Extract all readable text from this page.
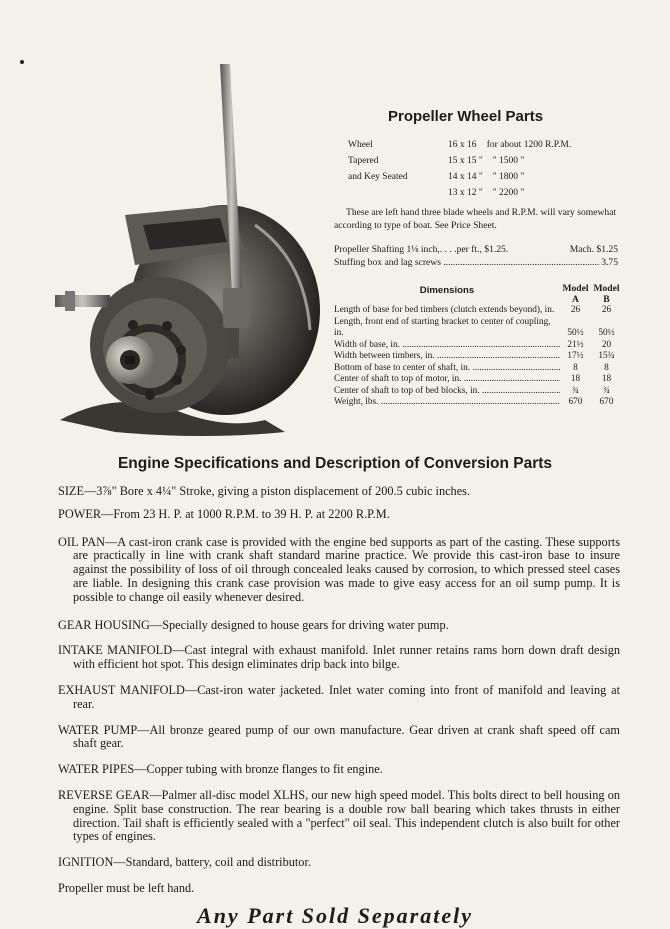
Propeller Wheel Parts
Wheel	16 x 16	for about 1200 R.P.M.
Tapered	15 x 15 "	" 1500 "
and Key Seated	14 x 14 "	" 1800 "
	13 x 12 "	" 2200 "
These are left hand three blade wheels and R.P.M. will vary somewhat according to type of boat. See Price Sheet.
Propeller Shafting 1⅛ inch,. . . .per ft., $1.25.	Mach. $1.25
Stuffing box and lag screws .....	3.75
Dimensions	Model Model
A	B
Length of base for bed timbers (clutch extends beyond), in.	26	26
Length, front end of starting bracket to center of coupling, in.	50½	50½
Width of base, in. .....	21½	20
Width between timbers, in. .....	17½	15¾
Bottom of base to center of shaft, in. .....	8	8
Center of shaft to top of motor, in. .....	18	18
Center of shaft to top of bed blocks, in. .....	¾	¾
Weight, lbs. .....	670	670
Engine Specifications and Description of Conversion Parts

SIZE—3⅞" Bore x 4¼" Stroke, giving a piston displacement of 200.5 cubic inches.

POWER—From 23 H. P. at 1000 R.P.M. to 39 H. P. at 2200 R.P.M.

OIL PAN—A cast-iron crank case is provided with the engine bed supports as part of the casting. These supports are practically in line with crank shaft standard marine practice. We provide this cast-iron base to insure against the possibility of loss of oil through concealed leaks caused by corrosion, to which pressed steel cases are liable. In designing this crank case provision was made to give easy access for an oil sump pump. It is possible to change oil easily whenever desired.

GEAR HOUSING—Specially designed to house gears for driving water pump.

INTAKE MANIFOLD—Cast integral with exhaust manifold. Inlet runner retains rams horn down draft design with efficient hot spot. This design eliminates drip back into bilge.

EXHAUST MANIFOLD—Cast-iron water jacketed. Inlet water coming into front of manifold and leaving at rear.

WATER PUMP—All bronze geared pump of our own manufacture. Gear driven at crank shaft speed off cam shaft gear.

WATER PIPES—Copper tubing with bronze flanges to fit engine.

REVERSE GEAR—Palmer all-disc model XLHS, our new high speed model. This bolts direct to bell housing on engine. Split base construction. The rear bearing is a double row ball bearing which takes thrusts in either direction. Tail shaft is efficiently sealed with a "perfect" oil seal. This independent clutch is also built for other types of engines.

IGNITION—Standard, battery, coil and distributor.

Propeller must be left hand.

Any Part Sold Separately
